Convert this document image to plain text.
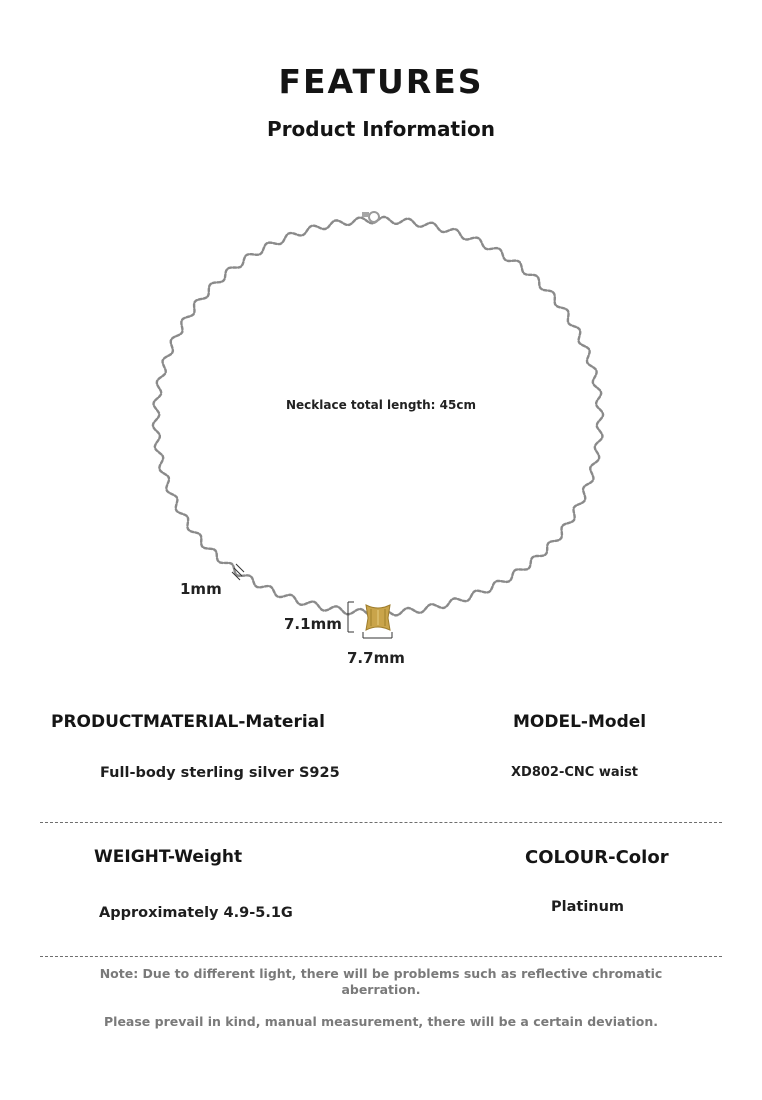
FEATURES
Product Information
Necklace total length: 45cm
1mm
7.1mm
7.7mm
PRODUCTMATERIAL-Material
Full-body sterling silver S925
MODEL-Model
XD802-CNC waist
WEIGHT-Weight
Approximately 4.9-5.1G
COLOUR-Color
Platinum
Note: Due to different light, there will be problems such as reflective chromatic aberration.
Please prevail in kind, manual measurement, there will be a certain deviation.
